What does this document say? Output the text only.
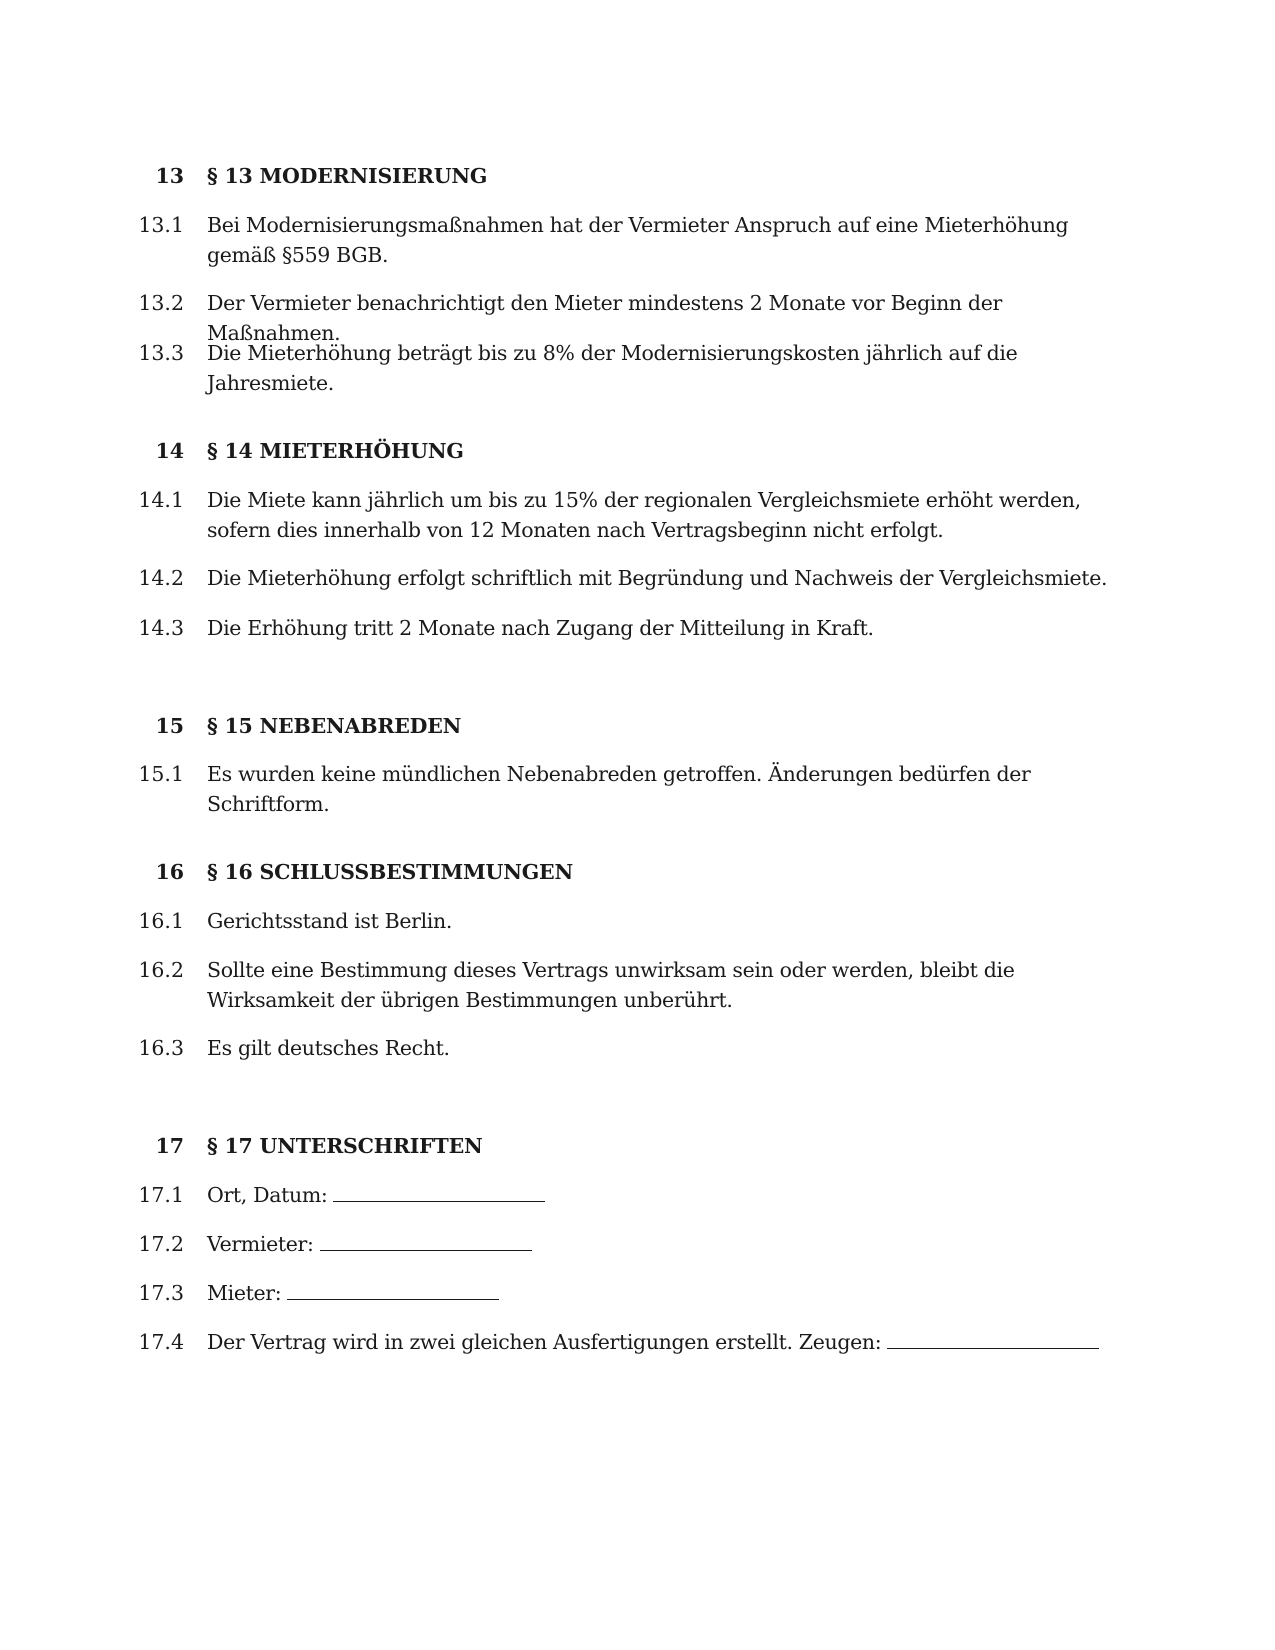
13 § 13 MODERNISIERUNG
13.1 Bei Modernisierungsmaßnahmen hat der Vermieter Anspruch auf eine Mieterhöhung gemäß §559 BGB.
13.2 Der Vermieter benachrichtigt den Mieter mindestens 2 Monate vor Beginn der Maßnahmen.
13.3 Die Mieterhöhung beträgt bis zu 8% der Modernisierungskosten jährlich auf die Jahresmiete.
14 § 14 MIETERHÖHUNG
14.1 Die Miete kann jährlich um bis zu 15% der regionalen Vergleichsmiete erhöht werden, sofern dies innerhalb von 12 Monaten nach Vertragsbeginn nicht erfolgt.
14.2 Die Mieterhöhung erfolgt schriftlich mit Begründung und Nachweis der Vergleichsmiete.
14.3 Die Erhöhung tritt 2 Monate nach Zugang der Mitteilung in Kraft.
15 § 15 NEBENABREDEN
15.1 Es wurden keine mündlichen Nebenabreden getroffen. Änderungen bedürfen der Schriftform.
16 § 16 SCHLUSSBESTIMMUNGEN
16.1 Gerichtsstand ist Berlin.
16.2 Sollte eine Bestimmung dieses Vertrags unwirksam sein oder werden, bleibt die Wirksamkeit der übrigen Bestimmungen unberührt.
16.3 Es gilt deutsches Recht.
17 § 17 UNTERSCHRIFTEN
17.1 Ort, Datum:
17.2 Vermieter:
17.3 Mieter:
17.4 Der Vertrag wird in zwei gleichen Ausfertigungen erstellt. Zeugen:
